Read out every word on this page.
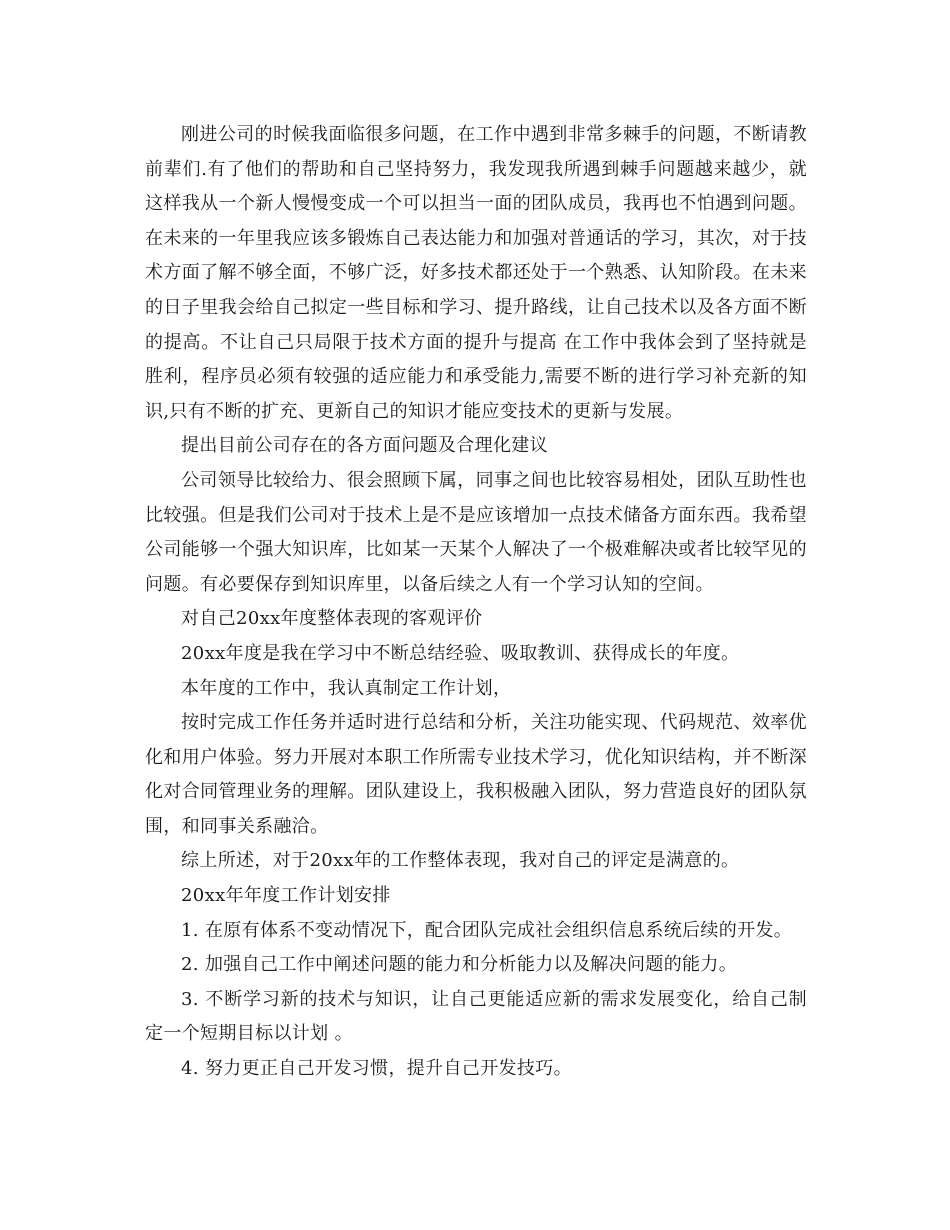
刚进公司的时候我面临很多问题，在工作中遇到非常多棘手的问题，不断请教前辈们.有了他们的帮助和自己坚持努力，我发现我所遇到棘手问题越来越少，就这样我从一个新人慢慢变成一个可以担当一面的团队成员，我再也不怕遇到问题。在未来的一年里我应该多锻炼自己表达能力和加强对普通话的学习，其次，对于技术方面了解不够全面，不够广泛，好多技术都还处于一个熟悉、认知阶段。在未来的日子里我会给自己拟定一些目标和学习、提升路线，让自己技术以及各方面不断的提高。不让自己只局限于技术方面的提升与提高 在工作中我体会到了坚持就是胜利，程序员必须有较强的适应能力和承受能力,需要不断的进行学习补充新的知识,只有不断的扩充、更新自己的知识才能应变技术的更新与发展。

提出目前公司存在的各方面问题及合理化建议

公司领导比较给力、很会照顾下属，同事之间也比较容易相处，团队互助性也比较强。但是我们公司对于技术上是不是应该增加一点技术储备方面东西。我希望公司能够一个强大知识库，比如某一天某个人解决了一个极难解决或者比较罕见的问题。有必要保存到知识库里，以备后续之人有一个学习认知的空间。

对自己20xx年度整体表现的客观评价

20xx年度是我在学习中不断总结经验、吸取教训、获得成长的年度。

本年度的工作中，我认真制定工作计划，

按时完成工作任务并适时进行总结和分析，关注功能实现、代码规范、效率优化和用户体验。努力开展对本职工作所需专业技术学习，优化知识结构，并不断深化对合同管理业务的理解。团队建设上，我积极融入团队，努力营造良好的团队氛围，和同事关系融洽。

综上所述，对于20xx年的工作整体表现，我对自己的评定是满意的。

20xx年年度工作计划安排

1. 在原有体系不变动情况下，配合团队完成社会组织信息系统后续的开发。

2. 加强自己工作中阐述问题的能力和分析能力以及解决问题的能力。

3. 不断学习新的技术与知识，让自己更能适应新的需求发展变化，给自己制定一个短期目标以计划 。

4. 努力更正自己开发习惯，提升自己开发技巧。
